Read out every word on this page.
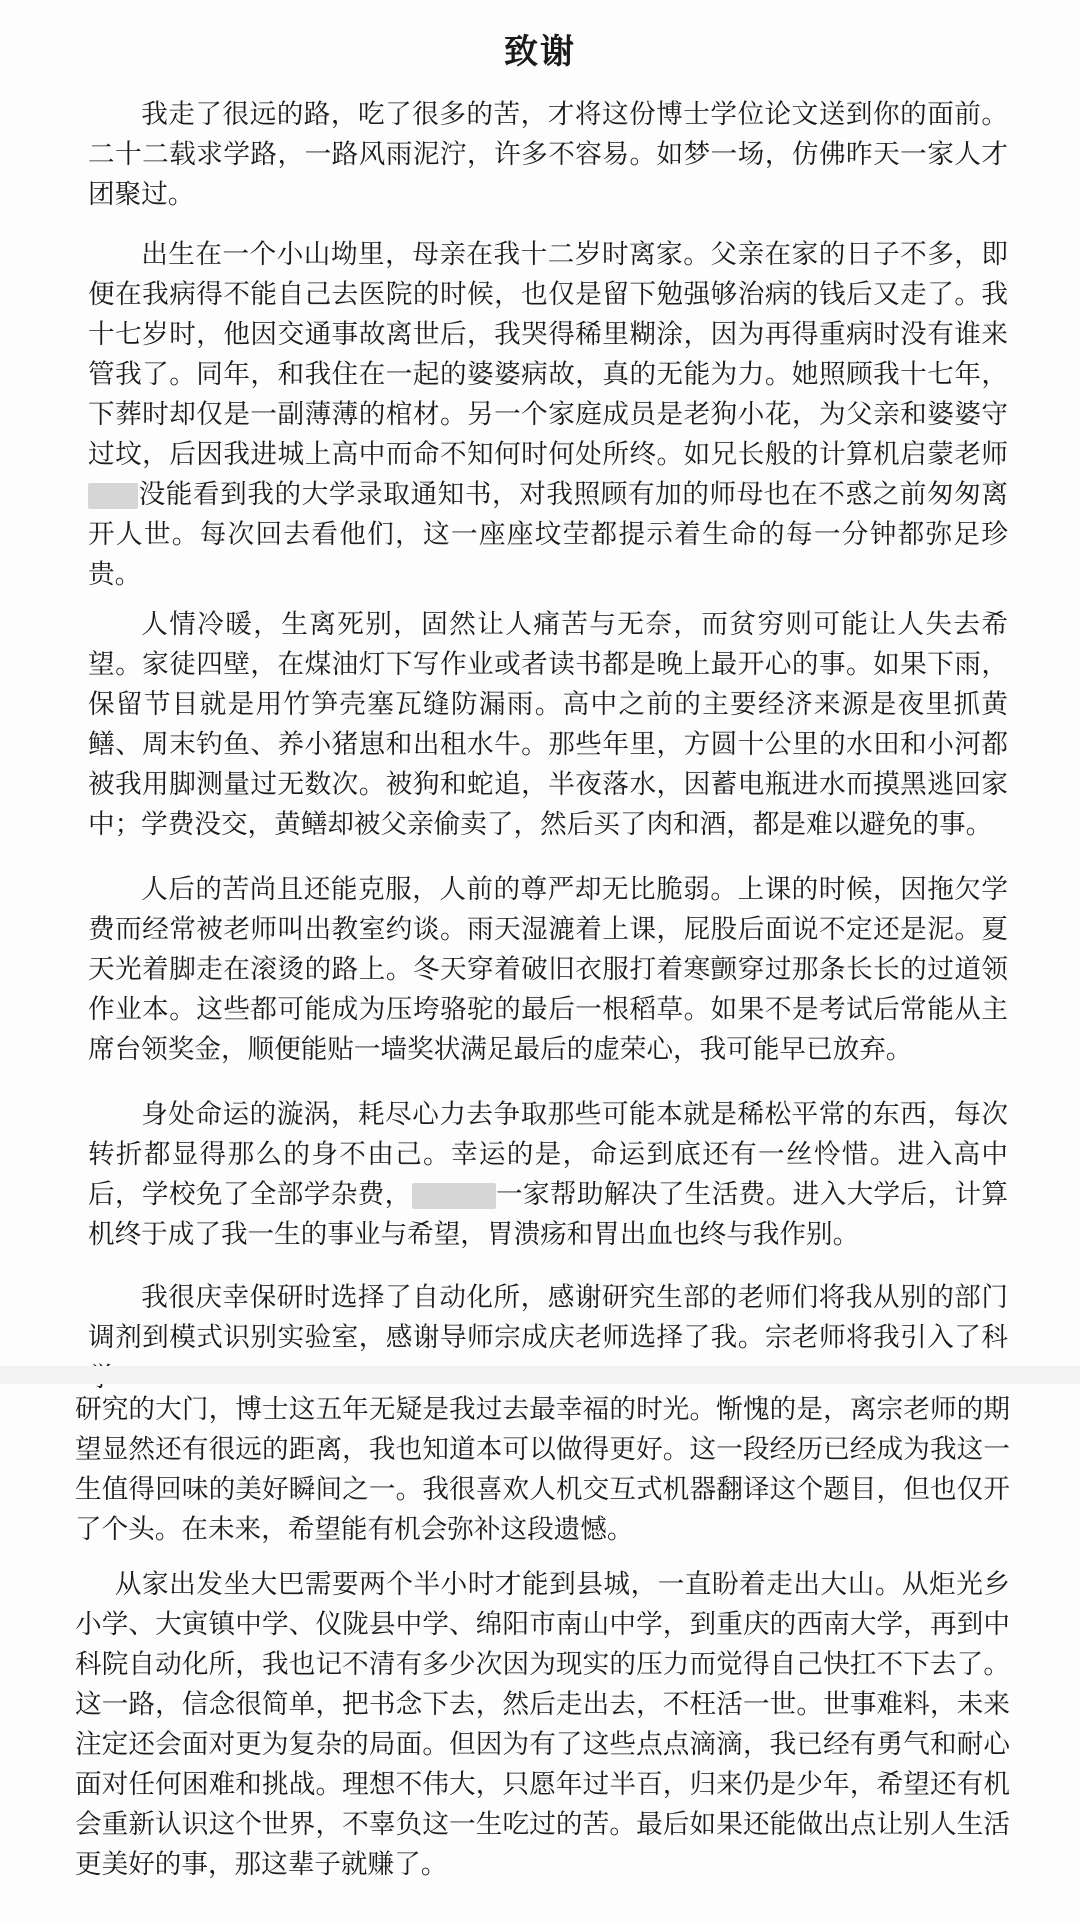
致谢

我走了很远的路，吃了很多的苦，才将这份博士学位论文送到你的面前。二十二载求学路，一路风雨泥泞，许多不容易。如梦一场，仿佛昨天一家人才团聚过。

出生在一个小山坳里，母亲在我十二岁时离家。父亲在家的日子不多，即便在我病得不能自己去医院的时候，也仅是留下勉强够治病的钱后又走了。我十七岁时，他因交通事故离世后，我哭得稀里糊涂，因为再得重病时没有谁来管我了。同年，和我住在一起的婆婆病故，真的无能为力。她照顾我十七年，下葬时却仅是一副薄薄的棺材。另一个家庭成员是老狗小花，为父亲和婆婆守过坟，后因我进城上高中而命不知何时何处所终。如兄长般的计算机启蒙老师没能看到我的大学录取通知书，对我照顾有加的师母也在不惑之前匆匆离开人世。每次回去看他们，这一座座坟茔都提示着生命的每一分钟都弥足珍贵。

人情冷暖，生离死别，固然让人痛苦与无奈，而贫穷则可能让人失去希望。家徒四壁，在煤油灯下写作业或者读书都是晚上最开心的事。如果下雨，保留节目就是用竹笋壳塞瓦缝防漏雨。高中之前的主要经济来源是夜里抓黄鳝、周末钓鱼、养小猪崽和出租水牛。那些年里，方圆十公里的水田和小河都被我用脚测量过无数次。被狗和蛇追，半夜落水，因蓄电瓶进水而摸黑逃回家中；学费没交，黄鳝却被父亲偷卖了，然后买了肉和酒，都是难以避免的事。

人后的苦尚且还能克服，人前的尊严却无比脆弱。上课的时候，因拖欠学费而经常被老师叫出教室约谈。雨天湿漉着上课，屁股后面说不定还是泥。夏天光着脚走在滚烫的路上。冬天穿着破旧衣服打着寒颤穿过那条长长的过道领作业本。这些都可能成为压垮骆驼的最后一根稻草。如果不是考试后常能从主席台领奖金，顺便能贴一墙奖状满足最后的虚荣心，我可能早已放弃。

身处命运的漩涡，耗尽心力去争取那些可能本就是稀松平常的东西，每次转折都显得那么的身不由己。幸运的是，命运到底还有一丝怜惜。进入高中后，学校免了全部学杂费，	一家帮助解决了生活费。进入大学后，计算机终于成了我一生的事业与希望，胃溃疡和胃出血也终与我作别。

我很庆幸保研时选择了自动化所，感谢研究生部的老师们将我从别的部门调剂到模式识别实验室，感谢导师宗成庆老师选择了我。宗老师将我引入了科

研究的大门，博士这五年无疑是我过去最幸福的时光。惭愧的是，离宗老师的期望显然还有很远的距离，我也知道本可以做得更好。这一段经历已经成为我这一生值得回味的美好瞬间之一。我很喜欢人机交互式机器翻译这个题目，但也仅开了个头。在未来，希望能有机会弥补这段遗憾。

从家出发坐大巴需要两个半小时才能到县城，一直盼着走出大山。从炬光乡小学、大寅镇中学、仪陇县中学、绵阳市南山中学，到重庆的西南大学，再到中科院自动化所，我也记不清有多少次因为现实的压力而觉得自己快扛不下去了。这一路，信念很简单，把书念下去，然后走出去，不枉活一世。世事难料，未来注定还会面对更为复杂的局面。但因为有了这些点点滴滴，我已经有勇气和耐心面对任何困难和挑战。理想不伟大，只愿年过半百，归来仍是少年，希望还有机会重新认识这个世界，不辜负这一生吃过的苦。最后如果还能做出点让别人生活更美好的事，那这辈子就赚了。
